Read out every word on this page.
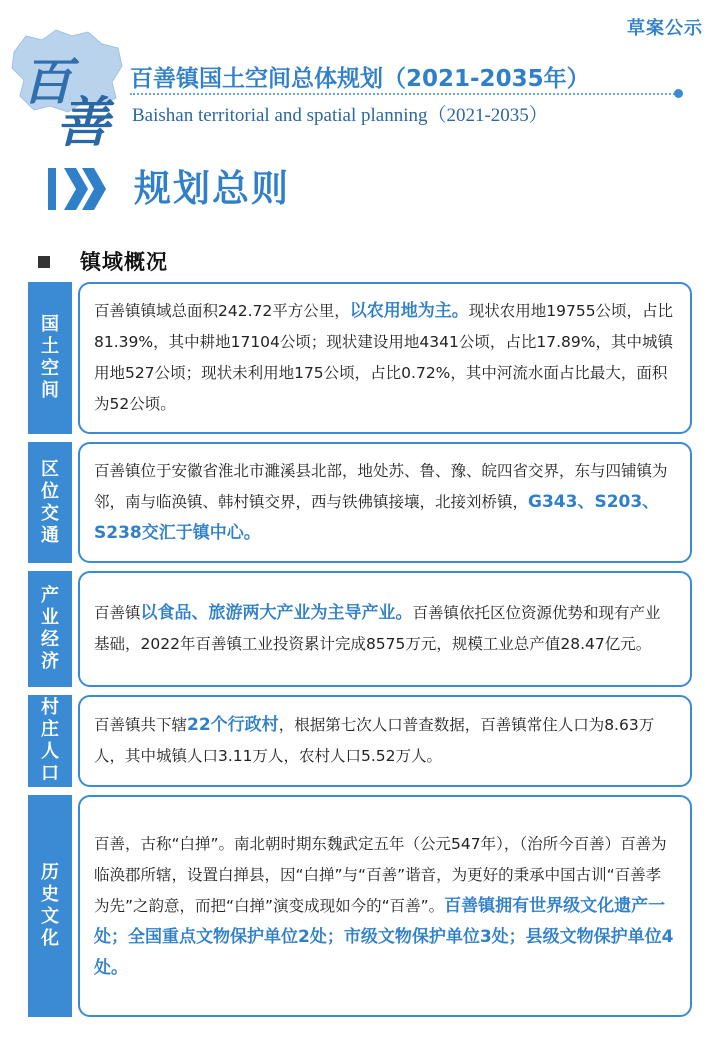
百
善
草案公示
百善镇国土空间总体规划（2021-2035年）
Baishan territorial and spatial planning（2021-2035）
规划总则
镇域概况
国土空间

百善镇镇域总面积242.72平方公里，以农用地为主。现状农用地19755公顷，占比81.39%，其中耕地17104公顷；现状建设用地4341公顷，占比17.89%，其中城镇用地527公顷；现状未利用地175公顷，占比0.72%，其中河流水面占比最大，面积为52公顷。

区位交通

百善镇位于安徽省淮北市濉溪县北部，地处苏、鲁、豫、皖四省交界，东与四铺镇为邻，南与临涣镇、韩村镇交界，西与铁佛镇接壤，北接刘桥镇，G343、S203、S238交汇于镇中心。

产业经济

百善镇以食品、旅游两大产业为主导产业。百善镇依托区位资源优势和现有产业基础，2022年百善镇工业投资累计完成8575万元，规模工业总产值28.47亿元。

村庄人口

百善镇共下辖22个行政村，根据第七次人口普查数据，百善镇常住人口为8.63万人，其中城镇人口3.11万人，农村人口5.52万人。

历史文化

百善，古称“白掸”。南北朝时期东魏武定五年（公元547年），（治所今百善）百善为临涣郡所辖，设置白掸县，因“白掸”与“百善”谐音，为更好的秉承中国古训“百善孝为先”之韵意，而把“白掸”演变成现如今的“百善”。百善镇拥有世界级文化遗产一处；全国重点文物保护单位2处；市级文物保护单位3处；县级文物保护单位4处。
